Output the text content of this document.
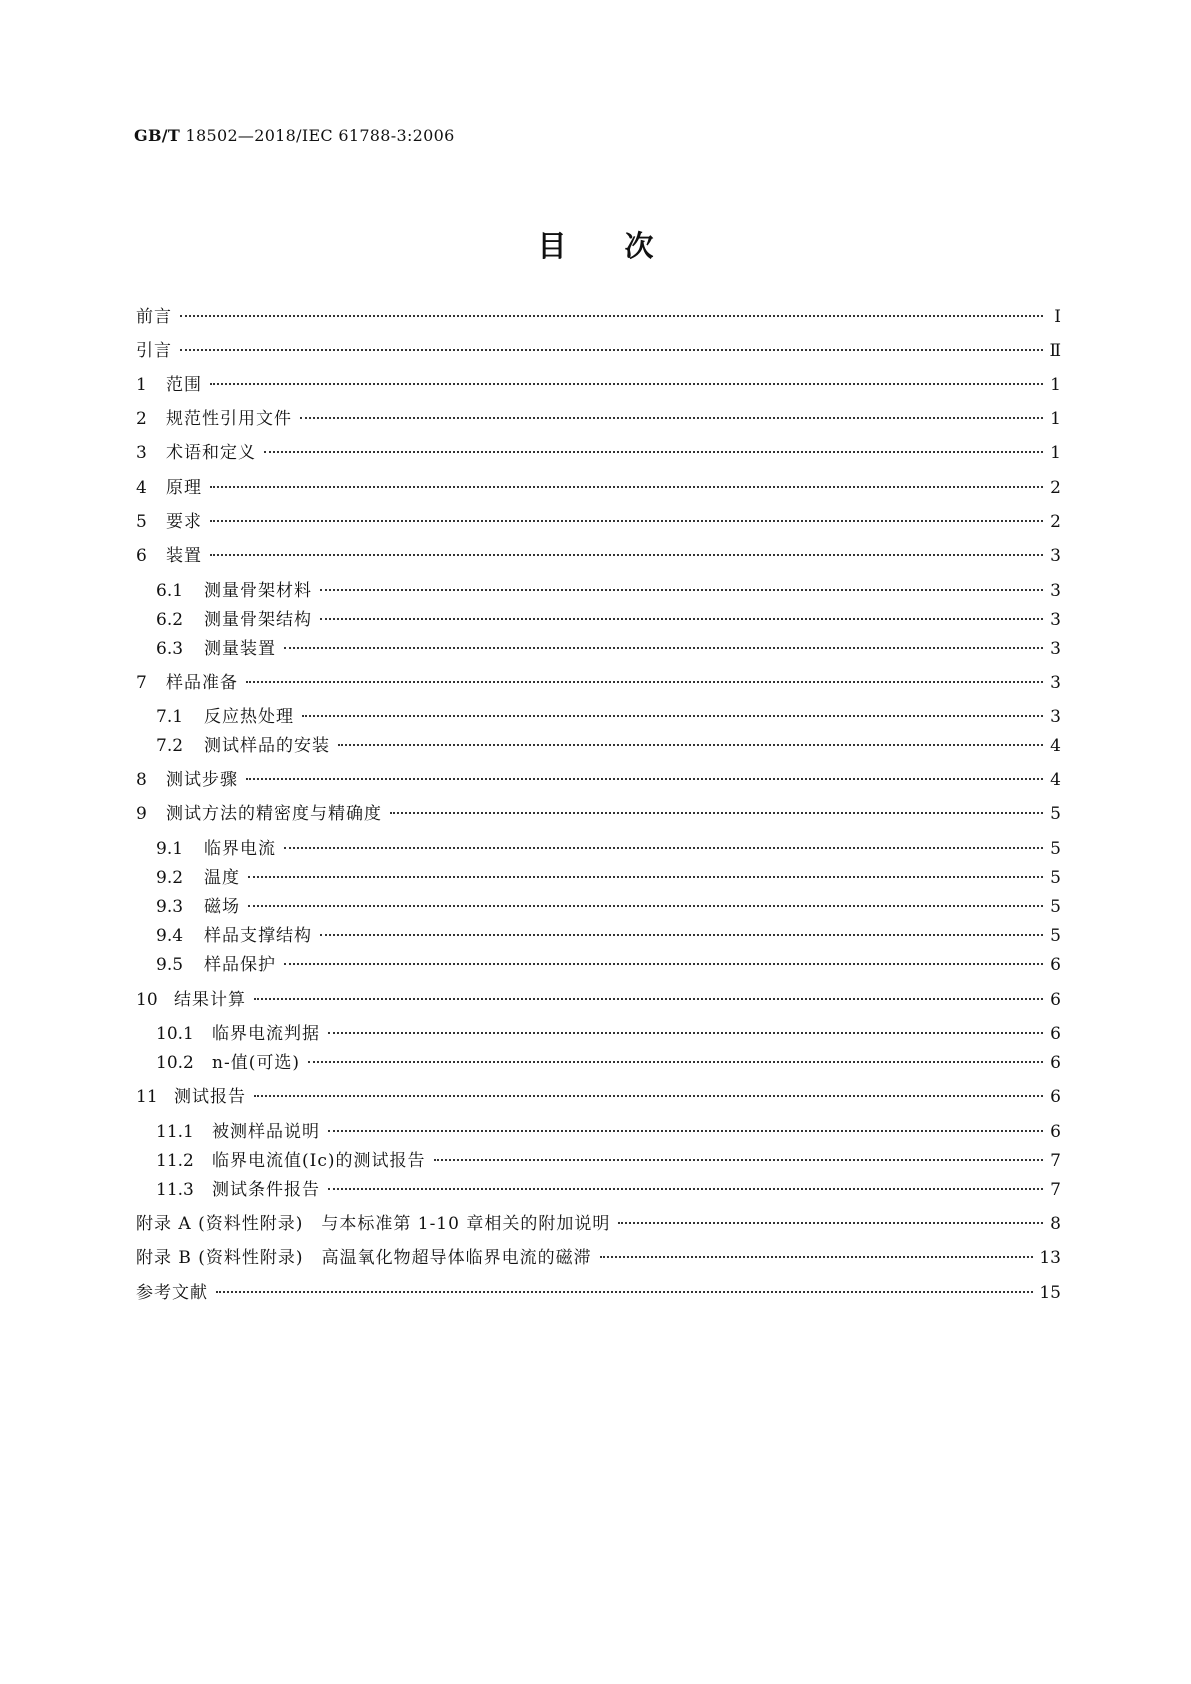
GB/T 18502—2018/IEC 61788-3:2006
目次
前言	Ⅰ
引言	Ⅱ
1	范围	1
2	规范性引用文件	1
3	术语和定义	1
4	原理	2
5	要求	2
6	装置	3
6.1	测量骨架材料	3
6.2	测量骨架结构	3
6.3	测量装置	3
7	样品准备	3
7.1	反应热处理	3
7.2	测试样品的安装	4
8	测试步骤	4
9	测试方法的精密度与精确度	5
9.1	临界电流	5
9.2	温度	5
9.3	磁场	5
9.4	样品支撑结构	5
9.5	样品保护	6
10 结果计算	6
10.1	临界电流判据	6
10.2	n-值(可选)	6
11 测试报告	6
11.1	被测样品说明	6
11.2	临界电流值(Ic)的测试报告	7
11.3	测试条件报告	7
附录 A (资料性附录)　与本标准第 1-10 章相关的附加说明	8
附录 B (资料性附录)　高温氧化物超导体临界电流的磁滞	13
参考文献	15
